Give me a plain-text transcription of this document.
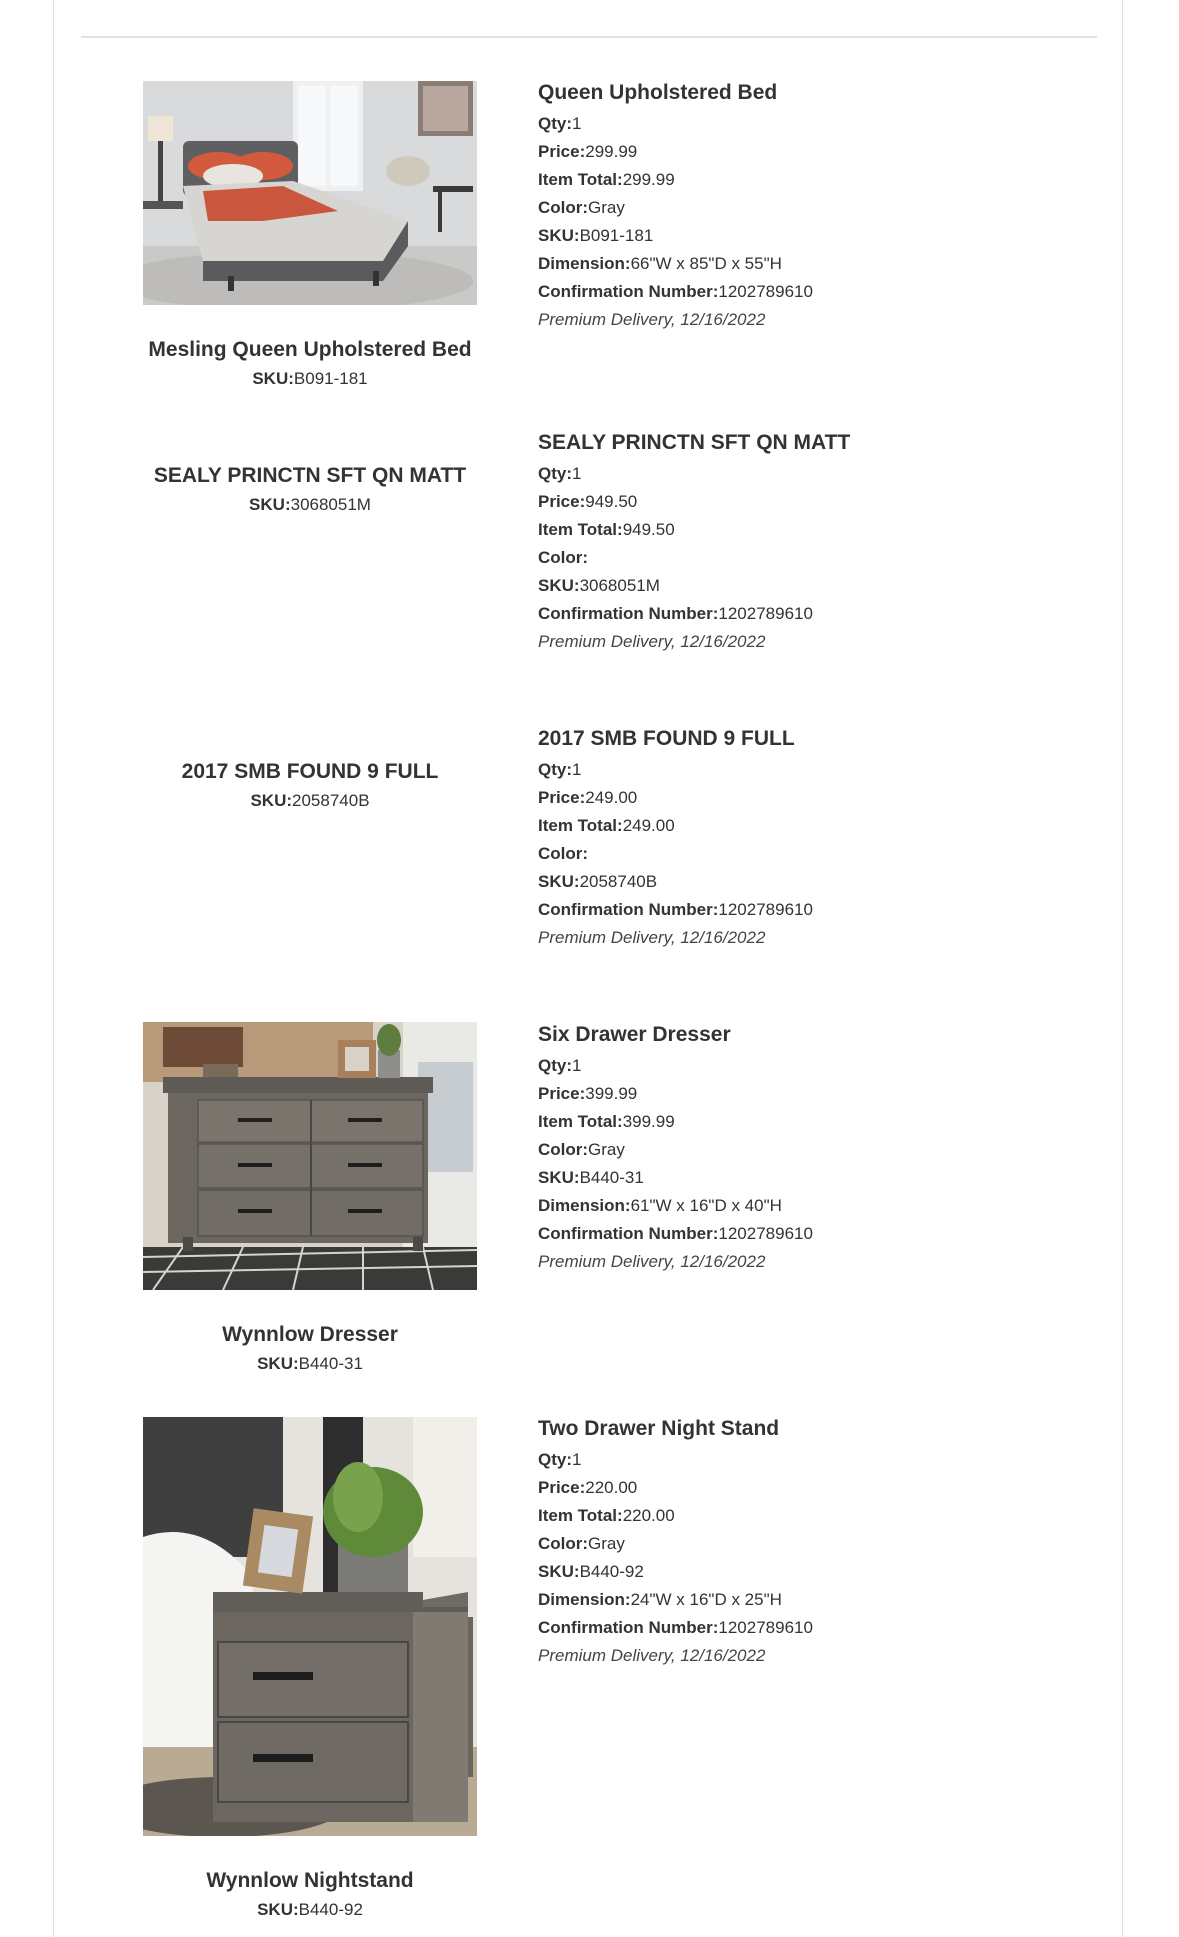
Mesling Queen Upholstered Bed
SKU:B091-181
Queen Upholstered Bed
Qty:1
Price:299.99
Item Total:299.99
Color:Gray
SKU:B091-181
Dimension:66"W x 85"D x 55"H
Confirmation Number:1202789610
Premium Delivery, 12/16/2022
SEALY PRINCTN SFT QN MATT
SKU:3068051M
SEALY PRINCTN SFT QN MATT
Qty:1
Price:949.50
Item Total:949.50
Color:
SKU:3068051M
Confirmation Number:1202789610
Premium Delivery, 12/16/2022
2017 SMB FOUND 9 FULL
SKU:2058740B
2017 SMB FOUND 9 FULL
Qty:1
Price:249.00
Item Total:249.00
Color:
SKU:2058740B
Confirmation Number:1202789610
Premium Delivery, 12/16/2022
Wynnlow Dresser
SKU:B440-31
Six Drawer Dresser
Qty:1
Price:399.99
Item Total:399.99
Color:Gray
SKU:B440-31
Dimension:61"W x 16"D x 40"H
Confirmation Number:1202789610
Premium Delivery, 12/16/2022
Wynnlow Nightstand
SKU:B440-92
Two Drawer Night Stand
Qty:1
Price:220.00
Item Total:220.00
Color:Gray
SKU:B440-92
Dimension:24"W x 16"D x 25"H
Confirmation Number:1202789610
Premium Delivery, 12/16/2022
